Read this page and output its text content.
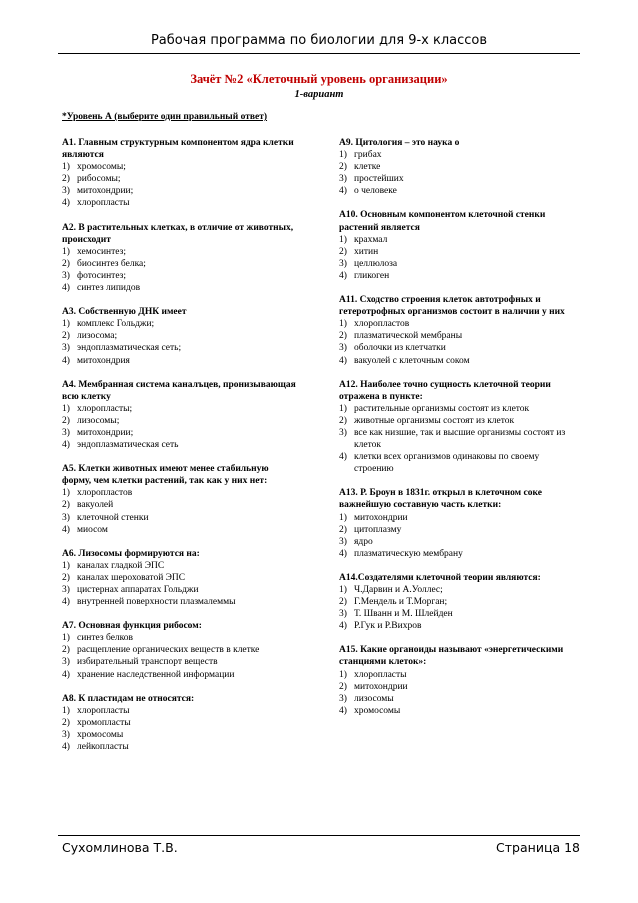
Рабочая программа по биологии для 9-х классов
Зачёт №2 «Клеточный уровень организации»
1-вариант
*Уровень А (выберите один правильный ответ)
А1. Главным структурным компонентом ядра клетки являются
1) хромосомы;
2) рибосомы;
3) митохондрии;
4) хлоропласты
А2. В растительных клетках, в отличие от животных, происходит
1) хемосинтез;
2) биосинтез белка;
3) фотосинтез;
4) синтез липидов
А3. Собственную ДНК имеет
1) комплекс Гольджи;
2) лизосома;
3) эндоплазматическая сеть;
4) митохондрия
А4. Мембранная система каналъцев, пронизывающая всю клетку
1) хлоропласты;
2) лизосомы;
3) митохондрии;
4) эндоплазматическая сеть
А5. Клетки животных имеют менее стабильную форму, чем клетки растений, так как у них нет:
1) хлоропластов
2) вакуолей
3) клеточной стенки
4) миосом
А6. Лизосомы формируются на:
1) каналах гладкой ЭПС
2) каналах шероховатой ЭПС
3) цистернах аппаратах Гольджи
4) внутренней поверхности плазмалеммы
А7. Основная функция рибосом:
1) синтез белков
2) расщепление органических веществ в клетке
3) избирательный транспорт веществ
4) хранение наследственной информации
А8. К пластидам не относятся:
1) хлоропласты
2) хромопласты
3) хромосомы
4) лейкопласты
А9. Цитология – это наука о
1) грибах
2) клетке
3) простейших
4) о человеке
А10. Основным компонентом клеточной стенки растений является
1) крахмал
2) хитин
3) целлюлоза
4) гликоген
А11. Сходство строения клеток автотрофных и гетеротрофных организмов состоит в наличии у них
1) хлоропластов
2) плазматической мембраны
3) оболочки из клетчатки
4) вакуолей с клеточным соком
А12. Наиболее точно сущность клеточной теории отражена в пункте:
1) растительные организмы состоят из клеток
2) животные организмы состоят из клеток
3) все как низшие, так и высшие организмы состоят из клеток
4) клетки всех организмов одинаковы по своему строению
А13. Р. Броун в 1831г. открыл в клеточном соке важнейшую составную часть клетки:
1) митохондрии
2) цитоплазму
3) ядро
4) плазматическую мембрану
А14.Создателями клеточной теории являются:
1) Ч.Дарвин и А.Уоллес;
2) Г.Мендель и Т.Морган;
3) Т. Шванн и М. Шлейден
4) Р.Гук и Р.Вихров
А15. Какие органоиды называют «энергетическими станциями клеток»:
1) хлоропласты
2) митохондрии
3) лизосомы
4) хромосомы
Сухомлинова Т.В.	Страница 18
